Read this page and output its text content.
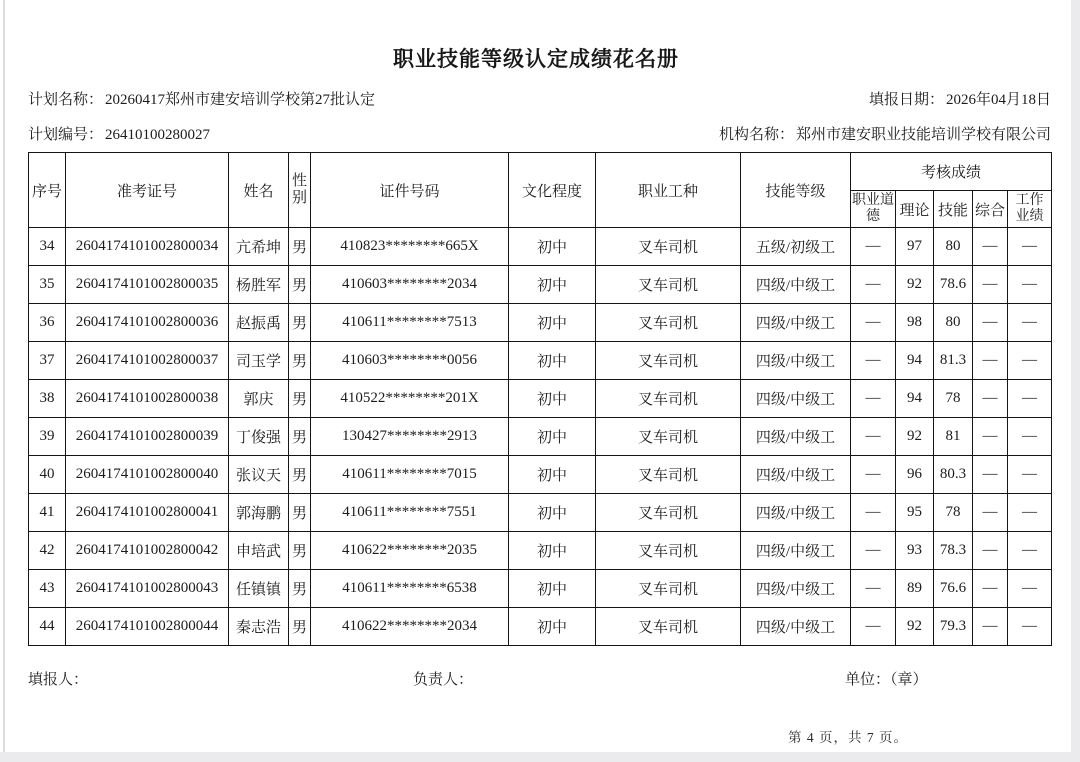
职业技能等级认定成绩花名册
计划名称： 20260417郑州市建安培训学校第27批认定	填报日期： 2026年04月18日
计划编号： 26410100280027	机构名称： 郑州市建安职业技能培训学校有限公司
序号	准考证号	姓名	性别	证件号码	文化程度	职业工种	技能等级	考核成绩				
								职业道德	理论	技能	综合	工作业绩
34	2604174101002800034	亢希坤	男	410823********665X	初中	叉车司机	五级/初级工	—	97	80	—	—
35	2604174101002800035	杨胜军	男	410603********2034	初中	叉车司机	四级/中级工	—	92	78.6	—	—
36	2604174101002800036	赵振禹	男	410611********7513	初中	叉车司机	四级/中级工	—	98	80	—	—
37	2604174101002800037	司玉学	男	410603********0056	初中	叉车司机	四级/中级工	—	94	81.3	—	—
38	2604174101002800038	郭庆	男	410522********201X	初中	叉车司机	四级/中级工	—	94	78	—	—
39	2604174101002800039	丁俊强	男	130427********2913	初中	叉车司机	四级/中级工	—	92	81	—	—
40	2604174101002800040	张议天	男	410611********7015	初中	叉车司机	四级/中级工	—	96	80.3	—	—
41	2604174101002800041	郭海鹏	男	410611********7551	初中	叉车司机	四级/中级工	—	95	78	—	—
42	2604174101002800042	申培武	男	410622********2035	初中	叉车司机	四级/中级工	—	93	78.3	—	—
43	2604174101002800043	任镇镇	男	410611********6538	初中	叉车司机	四级/中级工	—	89	76.6	—	—
44	2604174101002800044	秦志浩	男	410622********2034	初中	叉车司机	四级/中级工	—	92	79.3	—	—
填报人：	负责人：	单位：（章）
第 4 页，共 7 页。
